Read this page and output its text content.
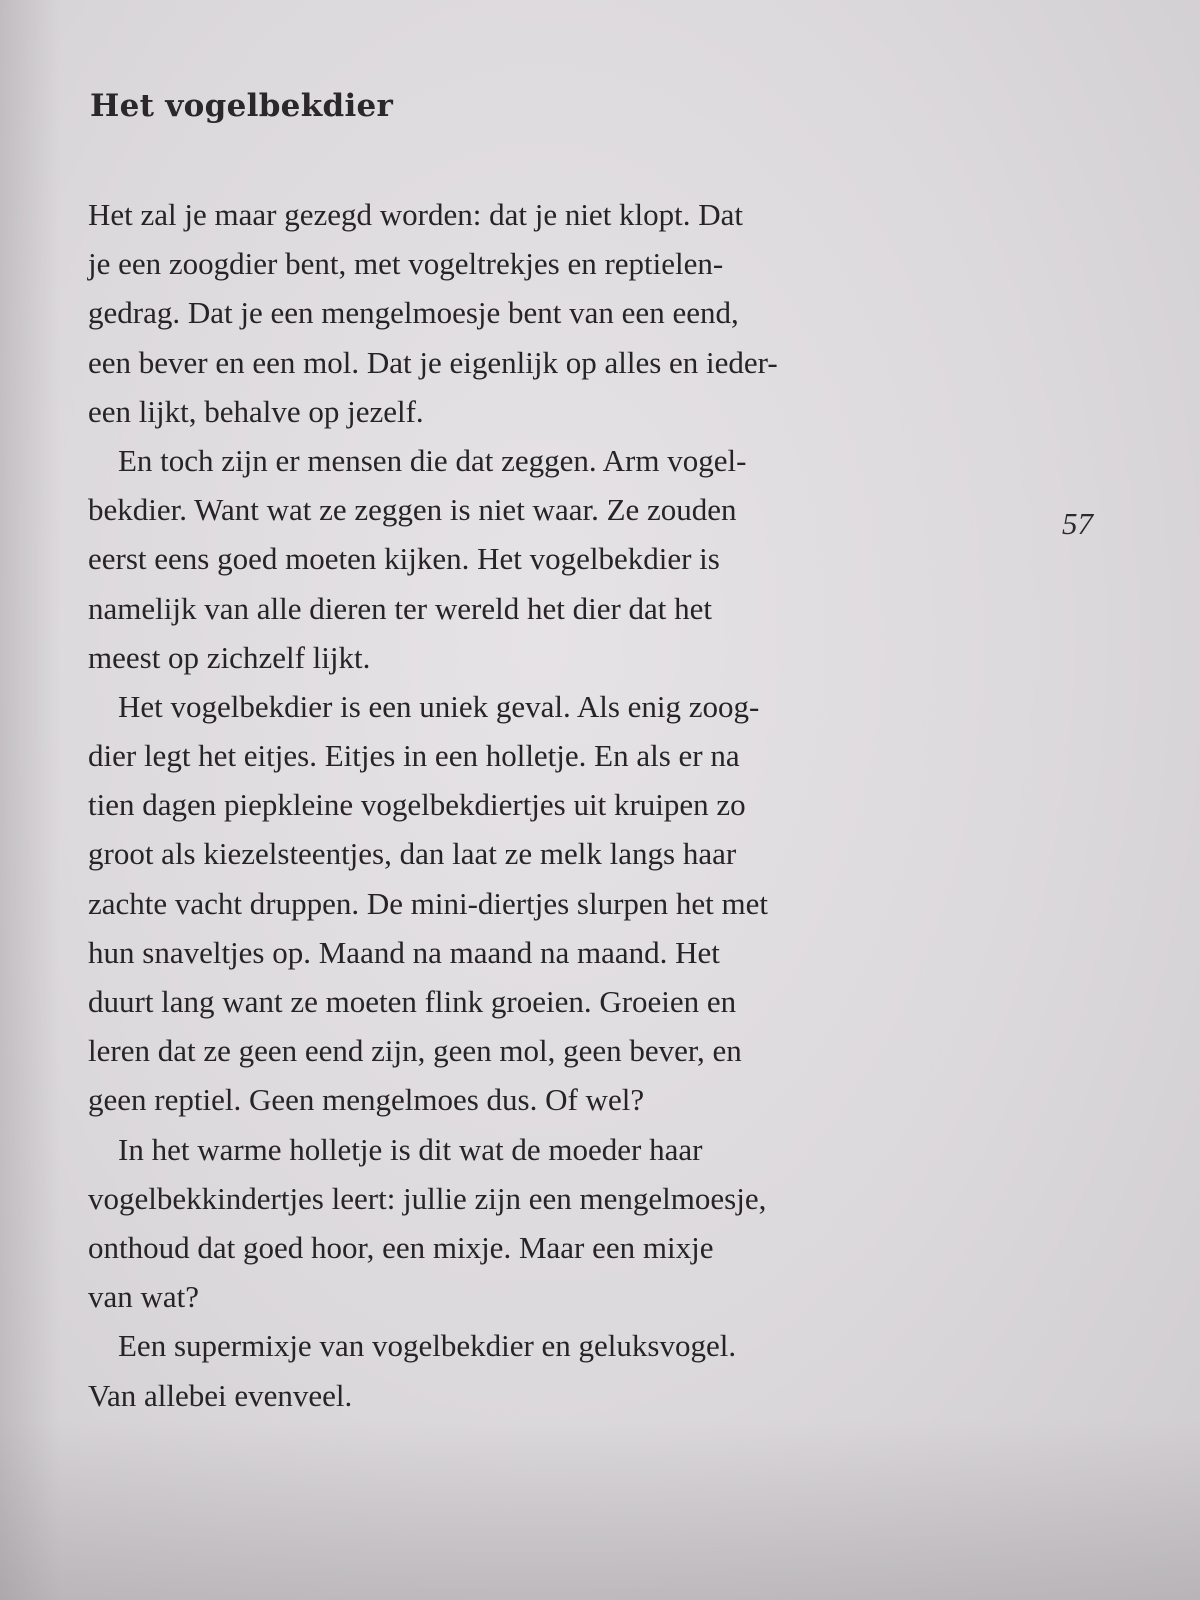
Het vogelbekdier
Het zal je maar gezegd worden: dat je niet klopt. Dat
je een zoogdier bent, met vogeltrekjes en reptielen-
gedrag. Dat je een mengelmoesje bent van een eend,
een bever en een mol. Dat je eigenlijk op alles en ieder-
een lijkt, behalve op jezelf.
En toch zijn er mensen die dat zeggen. Arm vogel-
bekdier. Want wat ze zeggen is niet waar. Ze zouden
eerst eens goed moeten kijken. Het vogelbekdier is
namelijk van alle dieren ter wereld het dier dat het
meest op zichzelf lijkt.
Het vogelbekdier is een uniek geval. Als enig zoog-
dier legt het eitjes. Eitjes in een holletje. En als er na
tien dagen piepkleine vogelbekdiertjes uit kruipen zo
groot als kiezelsteentjes, dan laat ze melk langs haar
zachte vacht druppen. De mini-diertjes slurpen het met
hun snaveltjes op. Maand na maand na maand. Het
duurt lang want ze moeten flink groeien. Groeien en
leren dat ze geen eend zijn, geen mol, geen bever, en
geen reptiel. Geen mengelmoes dus. Of wel?
In het warme holletje is dit wat de moeder haar
vogelbekkindertjes leert: jullie zijn een mengelmoesje,
onthoud dat goed hoor, een mixje. Maar een mixje
van wat?
Een supermixje van vogelbekdier en geluksvogel.
Van allebei evenveel.
57
